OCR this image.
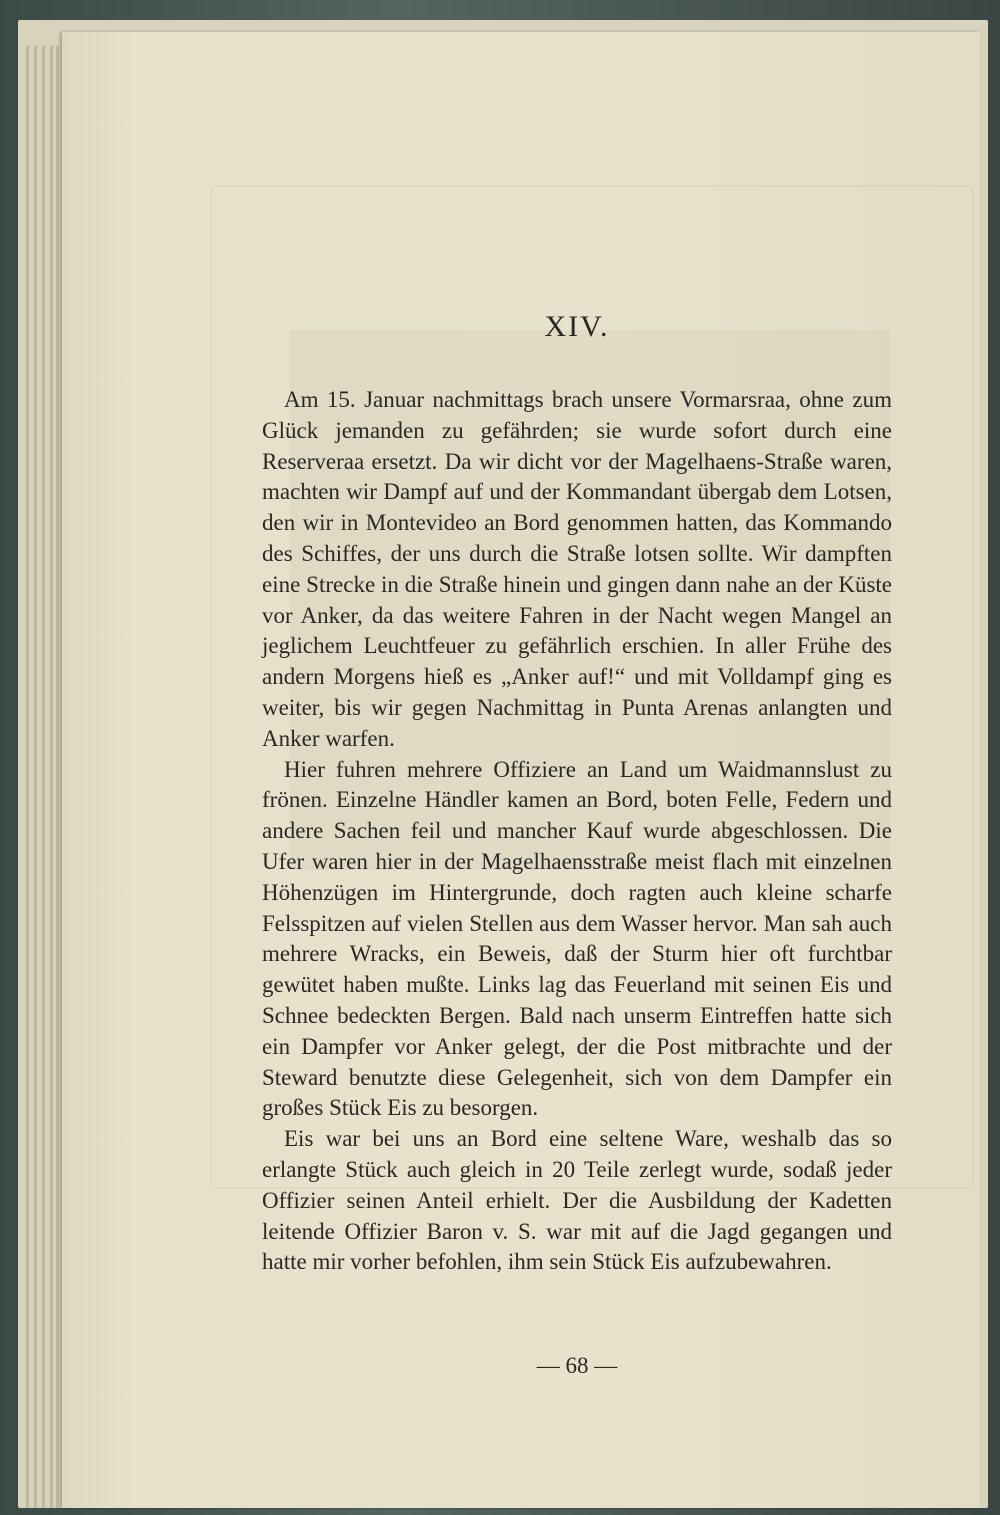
XIV.

Am 15. Januar nachmittags brach unsere Vormarsraa, ohne zum Glück jemanden zu gefährden; sie wurde sofort durch eine Reserveraa ersetzt. Da wir dicht vor der Magelhaens-Straße waren, machten wir Dampf auf und der Kommandant übergab dem Lotsen, den wir in Montevideo an Bord genommen hatten, das Kommando des Schiffes, der uns durch die Straße lotsen sollte. Wir dampften eine Strecke in die Straße hinein und gingen dann nahe an der Küste vor Anker, da das weitere Fahren in der Nacht wegen Mangel an jeglichem Leuchtfeuer zu gefährlich erschien. In aller Frühe des andern Morgens hieß es „Anker auf!“ und mit Volldampf ging es weiter, bis wir gegen Nachmittag in Punta Arenas anlangten und Anker warfen.

Hier fuhren mehrere Offiziere an Land um Waidmannslust zu frönen. Einzelne Händler kamen an Bord, boten Felle, Federn und andere Sachen feil und mancher Kauf wurde abgeschlossen. Die Ufer waren hier in der Magelhaensstraße meist flach mit einzelnen Höhenzügen im Hintergrunde, doch ragten auch kleine scharfe Felsspitzen auf vielen Stellen aus dem Wasser hervor. Man sah auch mehrere Wracks, ein Beweis, daß der Sturm hier oft furchtbar gewütet haben mußte. Links lag das Feuerland mit seinen Eis und Schnee bedeckten Bergen. Bald nach unserm Eintreffen hatte sich ein Dampfer vor Anker gelegt, der die Post mitbrachte und der Steward benutzte diese Gelegenheit, sich von dem Dampfer ein großes Stück Eis zu besorgen.

Eis war bei uns an Bord eine seltene Ware, weshalb das so erlangte Stück auch gleich in 20 Teile zerlegt wurde, sodaß jeder Offizier seinen Anteil erhielt. Der die Ausbildung der Kadetten leitende Offizier Baron v. S. war mit auf die Jagd gegangen und hatte mir vorher befohlen, ihm sein Stück Eis aufzubewahren.

— 68 —
